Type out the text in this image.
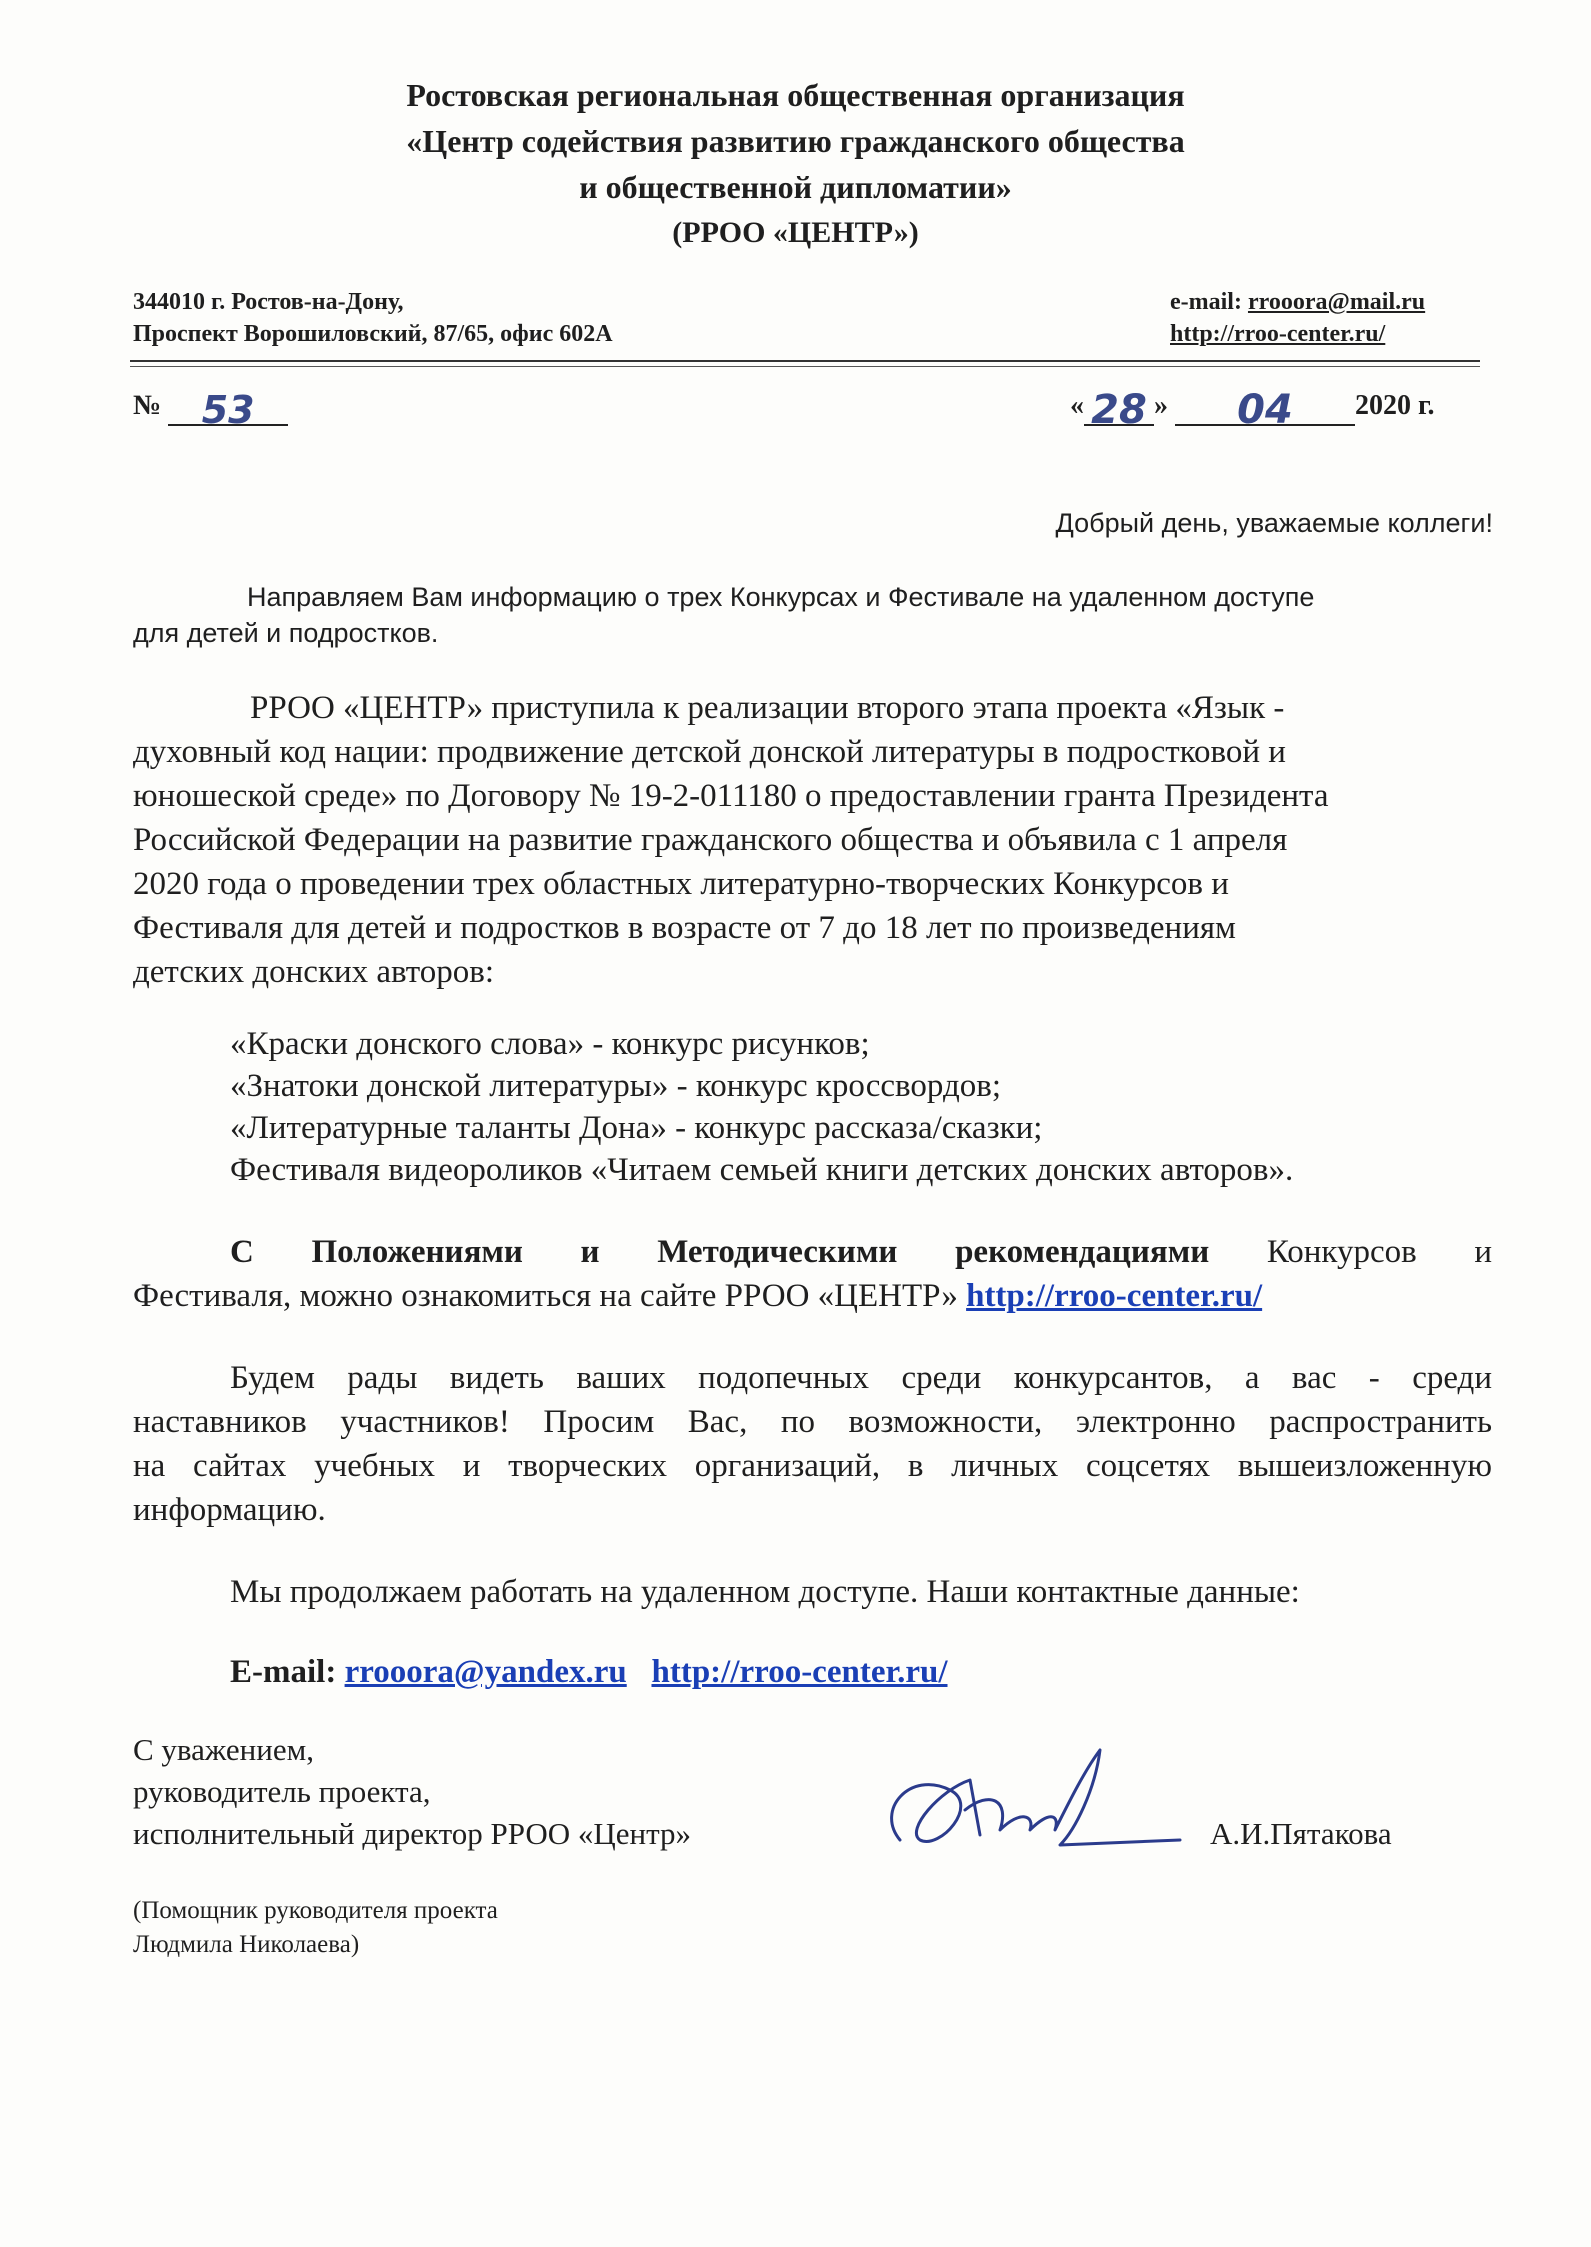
Ростовская региональная общественная организация
«Центр содействия развитию гражданского общества
и общественной дипломатии»
(РРОО «ЦЕНТР»)
344010 г. Ростов-на-Дону,
Проспект Ворошиловский, 87/65, офис 602А
e-mail: rrooora@mail.ru
http://rroo-center.ru/
№ 53	« 28 » 04 2020 г.
Добрый день, уважаемые коллеги!
Направляем Вам информацию о трех Конкурсах и Фестивале на удаленном доступе
для детей и подростков.
РРОО «ЦЕНТР» приступила к реализации второго этапа проекта «Язык -
духовный код нации: продвижение детской донской литературы в подростковой и
юношеской среде» по Договору № 19-2-011180 о предоставлении гранта Президента
Российской Федерации на развитие гражданского общества и объявила с 1 апреля
2020 года о проведении трех областных литературно-творческих Конкурсов и
Фестиваля для детей и подростков в возрасте от 7 до 18 лет по произведениям
детских донских авторов:
«Краски донского слова» - конкурс рисунков;
«Знатоки донской литературы» - конкурс кроссвордов;
«Литературные таланты Дона» - конкурс рассказа/сказки;
Фестиваля видеороликов «Читаем семьей книги детских донских авторов».
С Положениями и Методическими рекомендациями Конкурсов и
Фестиваля, можно ознакомиться на сайте РРОО «ЦЕНТР» http://rroo-center.ru/
Будем рады видеть ваших подопечных среди конкурсантов, а вас - среди
наставников участников! Просим Вас, по возможности, электронно распространить
на сайтах учебных и творческих организаций, в личных соцсетях вышеизложенную
информацию.
Мы продолжаем работать на удаленном доступе. Наши контактные данные:
E-mail: rrooora@yandex.ru http://rroo-center.ru/
С уважением,
руководитель проекта,
исполнительный директор РРОО «Центр»	А.И.Пятакова
(Помощник руководителя проекта
Людмила Николаева)
